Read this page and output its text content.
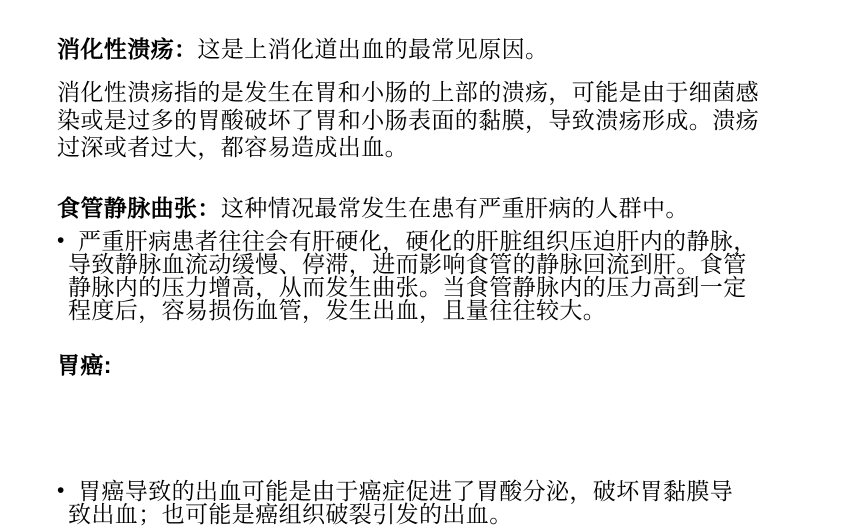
消化性溃疡：这是上消化道出血的最常见原因。
消化性溃疡指的是发生在胃和小肠的上部的溃疡，可能是由于细菌感
染或是过多的胃酸破坏了胃和小肠表面的黏膜，导致溃疡形成。溃疡
过深或者过大，都容易造成出血。
食管静脉曲张：这种情况最常发生在患有严重肝病的人群中。
• 严重肝病患者往往会有肝硬化，硬化的肝脏组织压迫肝内的静脉，
导致静脉血流动缓慢、停滞，进而影响食管的静脉回流到肝。食管
静脉内的压力增高，从而发生曲张。当食管静脉内的压力高到一定
程度后，容易损伤血管，发生出血，且量往往较大。
胃癌:
• 胃癌导致的出血可能是由于癌症促进了胃酸分泌，破坏胃黏膜导
致出血；也可能是癌组织破裂引发的出血。
